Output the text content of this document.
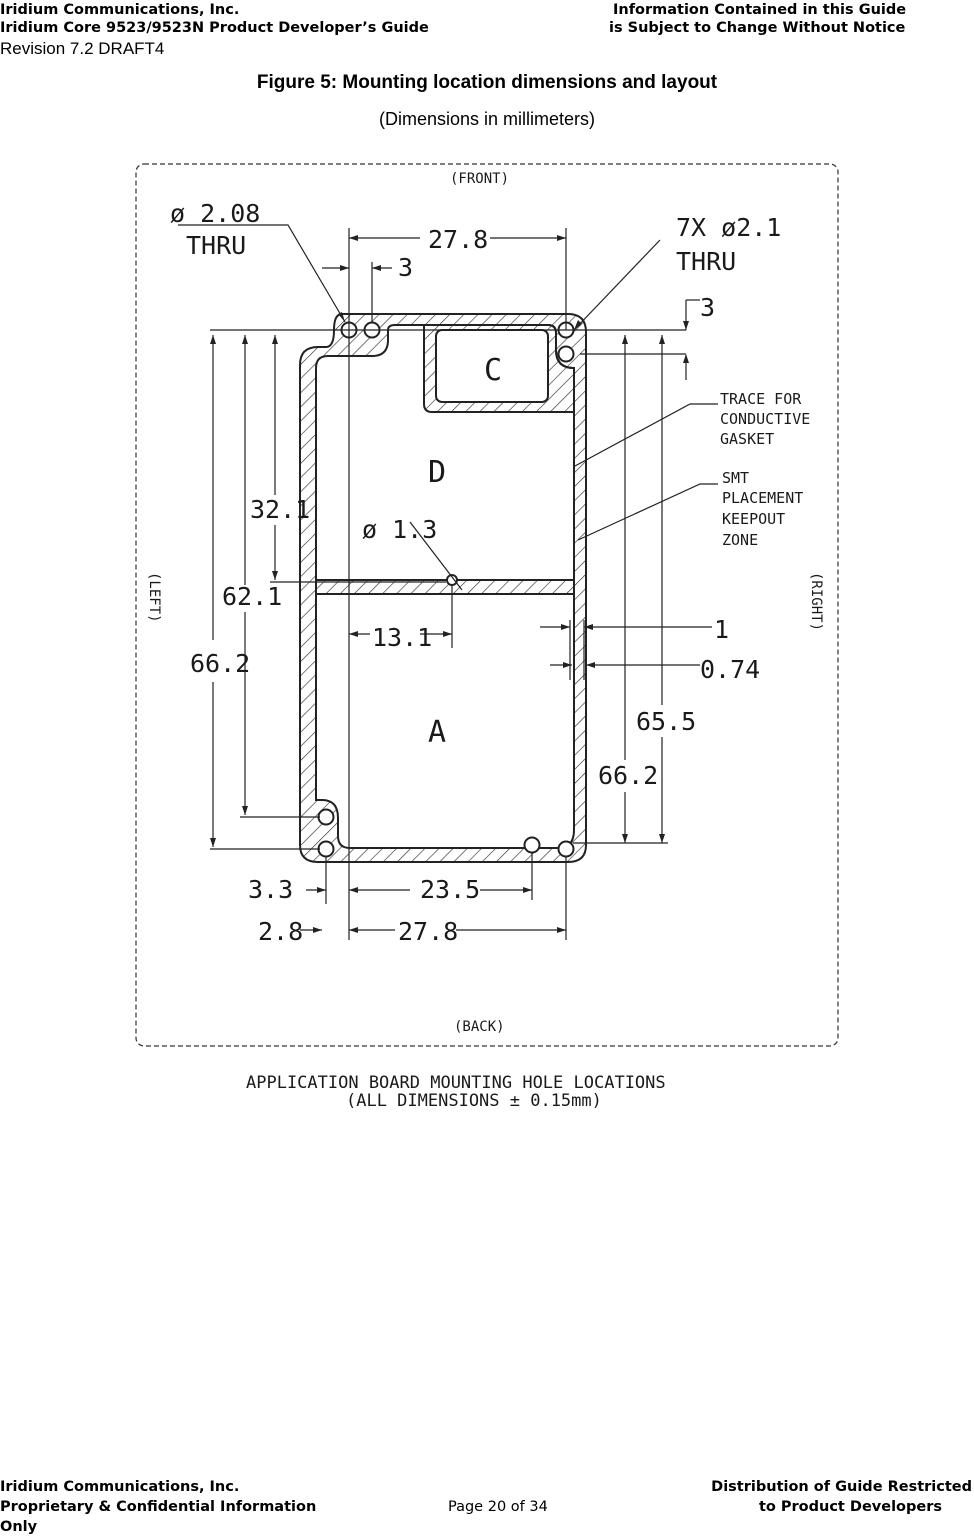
Iridium Communications, Inc.
Iridium Core 9523/9523N Product Developer’s Guide
Information Contained in this Guide
is Subject to Change Without Notice
Revision 7.2 DRAFT4
Figure 5: Mounting location dimensions and layout
(Dimensions in millimeters)
(FRONT)
(BACK)
(LEFT)	(RIGHT)
ø 2.08
THRU
7X ø2.1
THRU
ø 1.3
TRACE FOR
CONDUCTIVE
GASKET
SMT
PLACEMENT
KEEPOUT
ZONE
C
D
A
27.8
3
3
32.1
62.1
66.2
13.1	1
0.74
65.5
66.2
3.3	23.5
2.8	27.8
APPLICATION BOARD MOUNTING HOLE LOCATIONS
(ALL DIMENSIONS ± 0.15mm)
Iridium Communications, Inc.
Proprietary & Confidential Information
Only
Page 20 of 34
Distribution of Guide Restricted
to Product Developers
